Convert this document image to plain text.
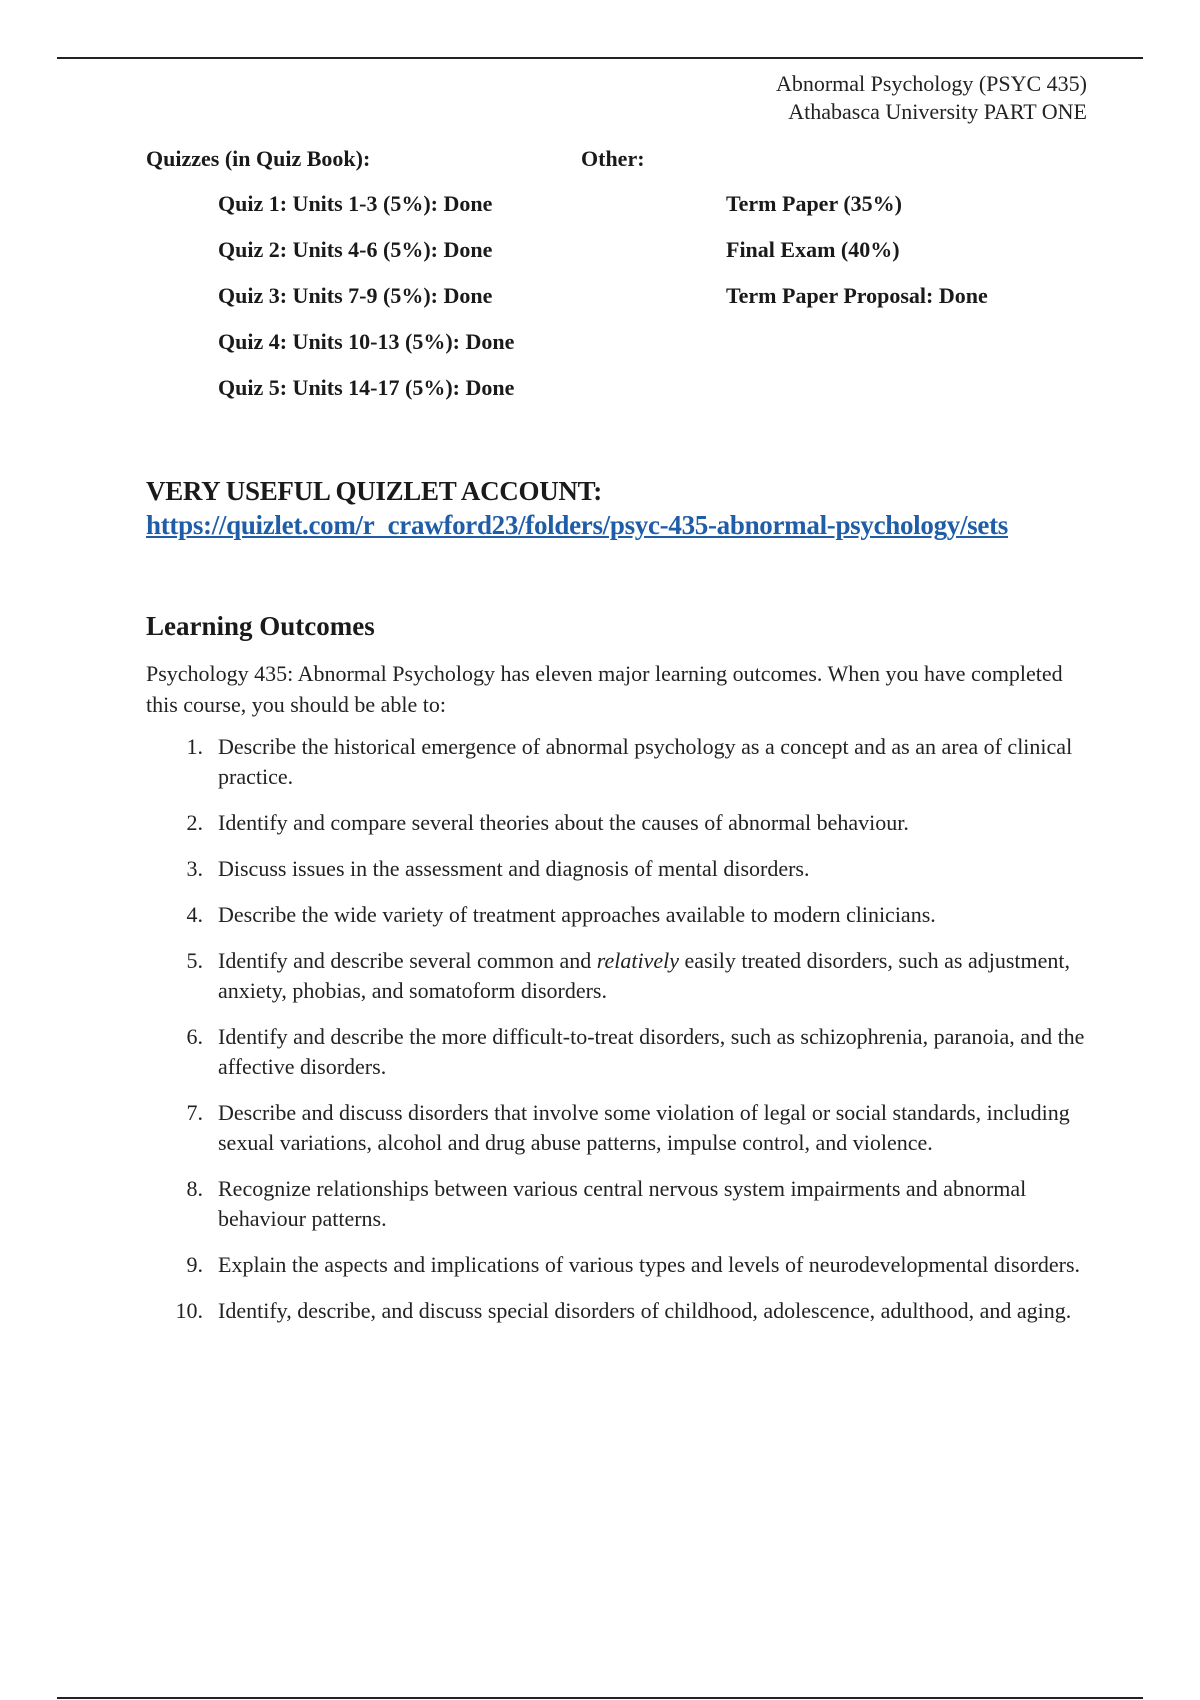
Abnormal Psychology (PSYC 435)
Athabasca University PART ONE
Quizzes (in Quiz Book):	Other:
Quiz 1: Units 1-3 (5%): Done
Quiz 2: Units 4-6 (5%): Done
Quiz 3: Units 7-9 (5%): Done
Quiz 4: Units 10-13 (5%): Done
Quiz 5: Units 14-17 (5%): Done
Term Paper (35%)
Final Exam (40%)
Term Paper Proposal: Done
VERY USEFUL QUIZLET ACCOUNT:
https://quizlet.com/r_crawford23/folders/psyc-435-abnormal-psychology/sets
Learning Outcomes

Psychology 435: Abnormal Psychology has eleven major learning outcomes. When you have completed this course, you should be able to:

1. Describe the historical emergence of abnormal psychology as a concept and as an area of clinical practice.
2. Identify and compare several theories about the causes of abnormal behaviour.
3. Discuss issues in the assessment and diagnosis of mental disorders.
4. Describe the wide variety of treatment approaches available to modern clinicians.
5. Identify and describe several common and relatively easily treated disorders, such as adjustment, anxiety, phobias, and somatoform disorders.
6. Identify and describe the more difficult-to-treat disorders, such as schizophrenia, paranoia, and the affective disorders.
7. Describe and discuss disorders that involve some violation of legal or social standards, including sexual variations, alcohol and drug abuse patterns, impulse control, and violence.
8. Recognize relationships between various central nervous system impairments and abnormal behaviour patterns.
9. Explain the aspects and implications of various types and levels of neurodevelopmental disorders.
10. Identify, describe, and discuss special disorders of childhood, adolescence, adulthood, and aging.
